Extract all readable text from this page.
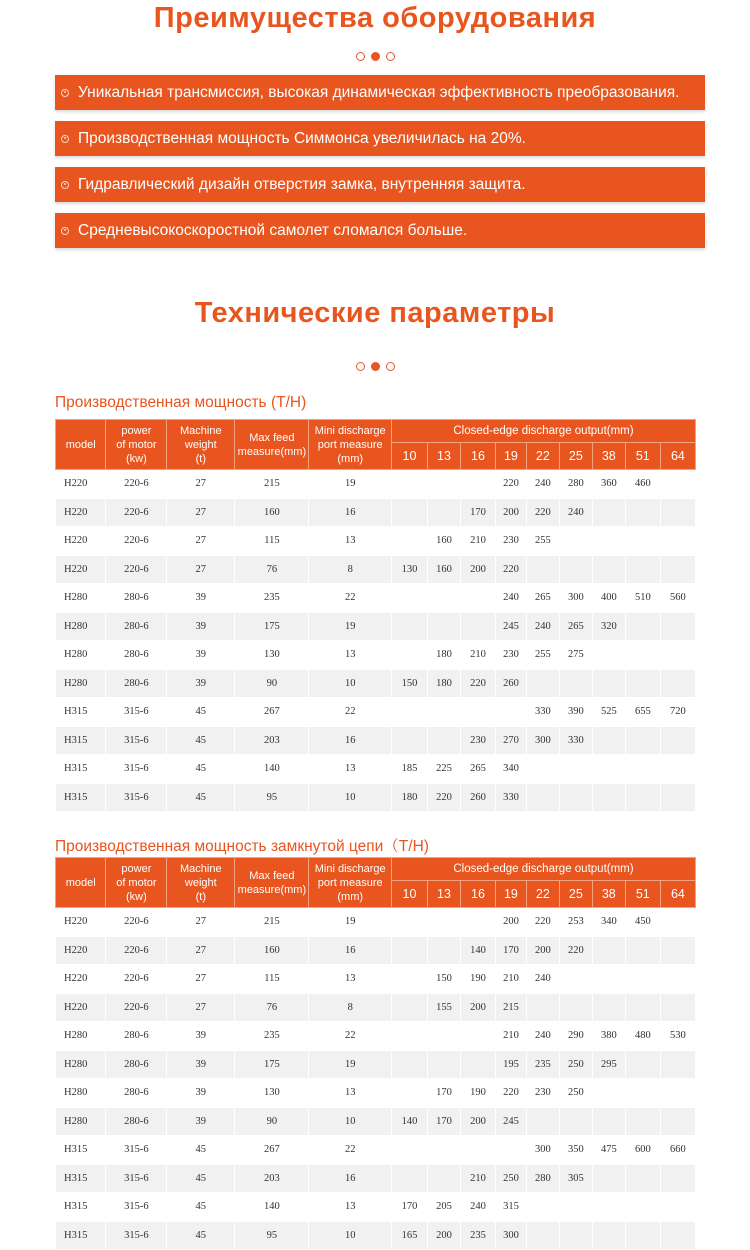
Преимущества оборудования
Уникальная трансмиссия, высокая динамическая эффективность преобразования.
Производственная мощность Симмонса увеличилась на 20%.
Гидравлический дизайн отверстия замка, внутренняя защита.
Средневысокоскоростной самолет сломался больше.
Технические параметры
Производственная мощность (T/H)
model	power
of motor
(kw)	Machine
weight
(t)	Max feed
measure(mm)	Mini discharge
port measure
(mm)	Closed-edge discharge output(mm)								
					10	13	16	19	22	25	38	51	64
H220	220-6	27	215	19				220	240	280	360	460	
H220	220-6	27	160	16			170	200	220	240			
H220	220-6	27	115	13		160	210	230	255				
H220	220-6	27	76	8	130	160	200	220					
H280	280-6	39	235	22				240	265	300	400	510	560
H280	280-6	39	175	19				245	240	265	320		
H280	280-6	39	130	13		180	210	230	255	275			
H280	280-6	39	90	10	150	180	220	260					
H315	315-6	45	267	22					330	390	525	655	720
H315	315-6	45	203	16			230	270	300	330			
H315	315-6	45	140	13	185	225	265	340					
H315	315-6	45	95	10	180	220	260	330					
Производственная мощность замкнутой цепи（T/H)
model	power
of motor
(kw)	Machine
weight
(t)	Max feed
measure(mm)	Mini discharge
port measure
(mm)	Closed-edge discharge output(mm)								
					10	13	16	19	22	25	38	51	64
H220	220-6	27	215	19				200	220	253	340	450	
H220	220-6	27	160	16			140	170	200	220			
H220	220-6	27	115	13		150	190	210	240				
H220	220-6	27	76	8		155	200	215					
H280	280-6	39	235	22				210	240	290	380	480	530
H280	280-6	39	175	19				195	235	250	295		
H280	280-6	39	130	13		170	190	220	230	250			
H280	280-6	39	90	10	140	170	200	245					
H315	315-6	45	267	22					300	350	475	600	660
H315	315-6	45	203	16			210	250	280	305			
H315	315-6	45	140	13	170	205	240	315					
H315	315-6	45	95	10	165	200	235	300					
